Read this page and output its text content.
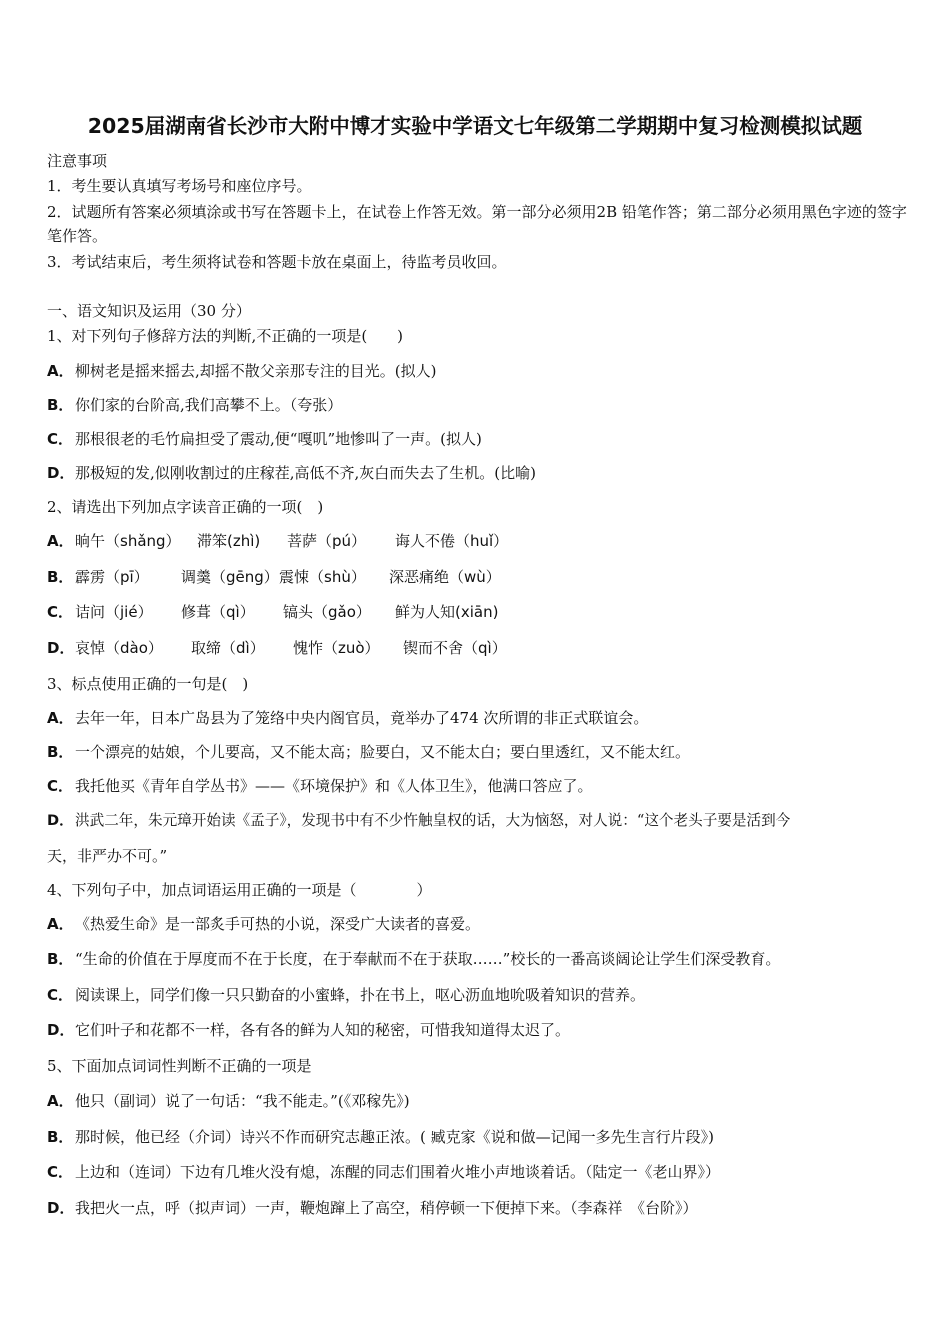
2025届湖南省长沙市大附中博才实验中学语文七年级第二学期期中复习检测模拟试题
注意事项
1．考生要认真填写考场号和座位序号。
2．试题所有答案必须填涂或书写在答题卡上，在试卷上作答无效。第一部分必须用2B 铅笔作答；第二部分必须用黑色字迹的签字笔作答。
3．考试结束后，考生须将试卷和答题卡放在桌面上，待监考员收回。
一、语文知识及运用（30 分）
1、对下列句子修辞方法的判断,不正确的一项是(　　)
A．柳树老是摇来摇去,却摇不散父亲那专注的目光。(拟人)
B． 你们家的台阶高,我们高攀不上。（夸张）
C． 那根很老的毛竹扁担受了震动,便“嘎叽”地惨叫了一声。(拟人)
D．那极短的发,似刚收割过的庄稼茬,高低不齐,灰白而失去了生机。(比喻)
2、请选出下列加点字读音正确的一项(　)
A．晌午（shǎng） 滞笨(zhì) 菩萨（pú） 诲人不倦（huǐ）
B． 霹雳（pī） 调羹（gēng）震悚（shù） 深恶痛绝（wù）
C． 诘问（jié） 修葺（qì） 镐头（gǎo） 鲜为人知(xiān)
D．哀悼（dào） 取缔（dì） 愧怍（zuò） 锲而不舍（qì）
3、标点使用正确的一句是(　)
A．去年一年，日本广岛县为了笼络中央内阁官员，竟举办了474 次所谓的非正式联谊会。
B． 一个漂亮的姑娘，个儿要高，又不能太高；脸要白，又不能太白；要白里透红，又不能太红。
C． 我托他买《青年自学丛书》——《环境保护》和《人体卫生》，他满口答应了。
D．洪武二年，朱元璋开始读《孟子》，发现书中有不少忤触皇权的话，大为恼怒，对人说：“这个老头子要是活到今
天，非严办不可。”
4、下列句子中，加点词语运用正确的一项是（　　　　）
A．《热爱生命》是一部炙手可热的小说，深受广大读者的喜爱。
B． “生命的价值在于厚度而不在于长度，在于奉献而不在于获取……”校长的一番高谈阔论让学生们深受教育。
C． 阅读课上，同学们像一只只勤奋的小蜜蜂，扑在书上，呕心沥血地吮吸着知识的营养。
D．它们叶子和花都不一样，各有各的鲜为人知的秘密，可惜我知道得太迟了。
5、下面加点词词性判断不正确的一项是
A．他只（副词）说了一句话：“我不能走。”(《邓稼先》)
B． 那时候，他已经（介词）诗兴不作而研究志趣正浓。( 臧克家《说和做—记闻一多先生言行片段》)
C． 上边和（连词）下边有几堆火没有熄，冻醒的同志们围着火堆小声地谈着话。（陆定一《老山界》）
D．我把火一点，呼（拟声词）一声，鞭炮蹿上了高空，稍停顿一下便掉下来。（李森祥　《台阶》）
